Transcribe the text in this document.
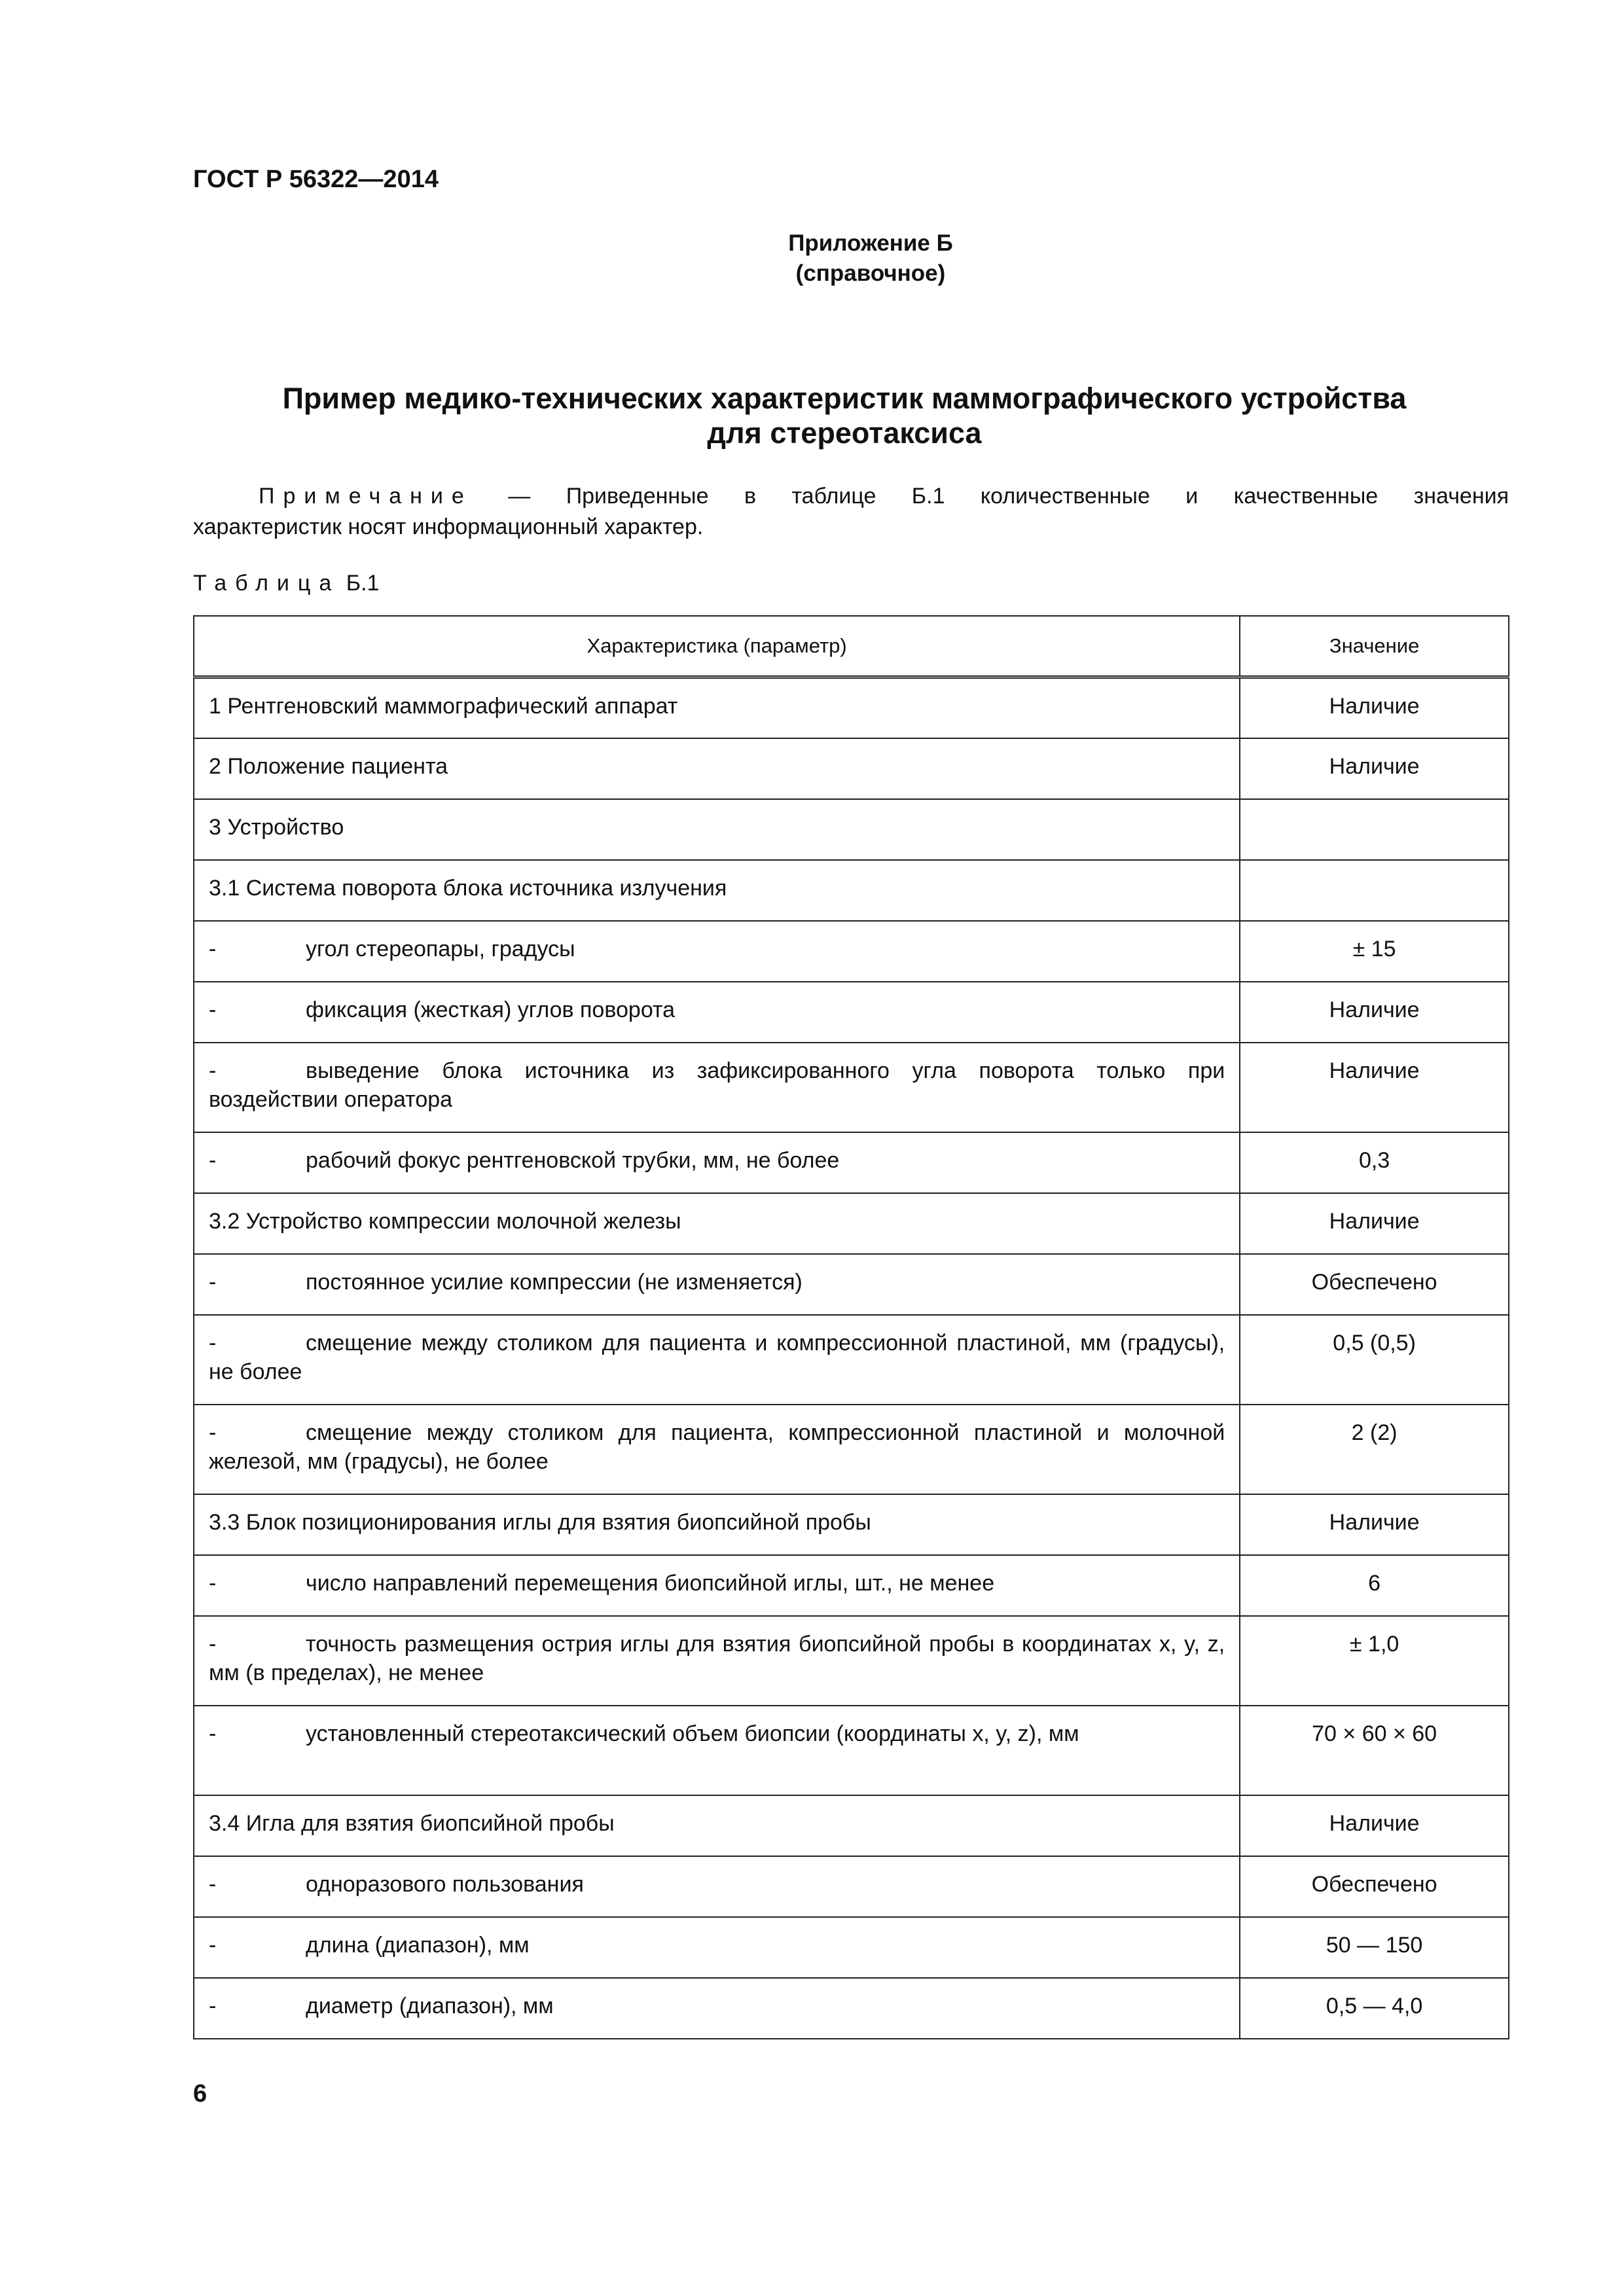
ГОСТ Р 56322—2014
Приложение Б
(справочное)
Пример медико-технических характеристик маммографического устройства
для стереотаксиса

Примечание — Приведенные в таблице Б.1 количественные и качественные значения

характеристик носят информационный характер.

Таблица Б.1
Характеристика (параметр)	Значение
1 Рентгеновский маммографический аппарат	Наличие
2 Положение пациента	Наличие
3 Устройство	
3.1 Система поворота блока источника излучения	
- угол стереопары, градусы	± 15
- фиксация (жесткая) углов поворота	Наличие
- выведение блока источника из зафиксированного угла поворота только при воздействии оператора	Наличие
- рабочий фокус рентгеновской трубки, мм, не более	0,3
3.2 Устройство компрессии молочной железы	Наличие
- постоянное усилие компрессии (не изменяется)	Обеспечено
- смещение между столиком для пациента и компрессионной пластиной, мм (градусы), не более	0,5 (0,5)
- смещение между столиком для пациента, компрессионной пластиной и молочной железой, мм (градусы), не более	2 (2)
3.3 Блок позиционирования иглы для взятия биопсийной пробы	Наличие
- число направлений перемещения биопсийной иглы, шт., не менее	6
- точность размещения острия иглы для взятия биопсийной пробы в координатах x, y, z, мм (в пределах), не менее	± 1,0
- установленный стереотаксический объем биопсии (координаты x, y, z), мм	70 × 60 × 60
3.4 Игла для взятия биопсийной пробы	Наличие
- одноразового пользования	Обеспечено
- длина (диапазон), мм	50 — 150
- диаметр (диапазон), мм	0,5 — 4,0
6
